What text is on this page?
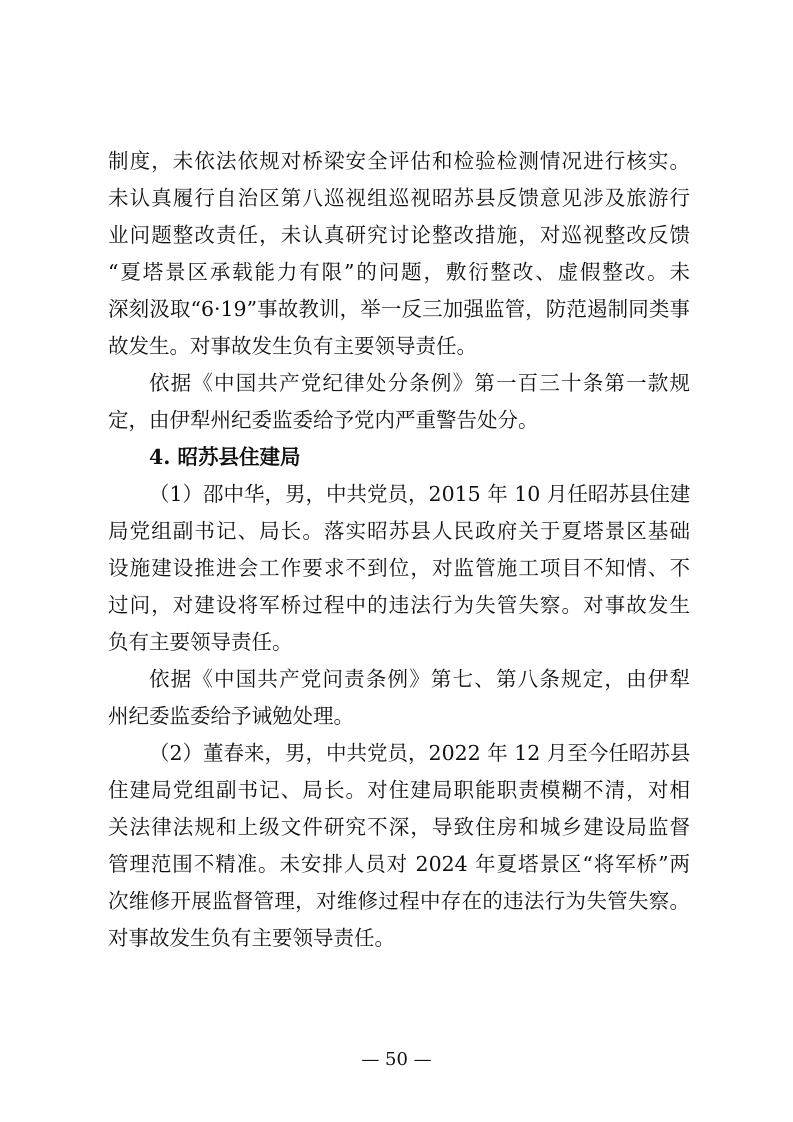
制度，未依法依规对桥梁安全评估和检验检测情况进行核实。
未认真履行自治区第八巡视组巡视昭苏县反馈意见涉及旅游行
业问题整改责任，未认真研究讨论整改措施，对巡视整改反馈
“夏塔景区承载能力有限”的问题，敷衍整改、虚假整改。未
深刻汲取“6·19”事故教训，举一反三加强监管，防范遏制同类事
故发生。对事故发生负有主要领导责任。
依据《中国共产党纪律处分条例》第一百三十条第一款规
定，由伊犁州纪委监委给予党内严重警告处分。
4. 昭苏县住建局
（1）邵中华，男，中共党员，2015 年 10 月任昭苏县住建
局党组副书记、局长。落实昭苏县人民政府关于夏塔景区基础
设施建设推进会工作要求不到位，对监管施工项目不知情、不
过问，对建设将军桥过程中的违法行为失管失察。对事故发生
负有主要领导责任。
依据《中国共产党问责条例》第七、第八条规定，由伊犁
州纪委监委给予诫勉处理。
（2）董春来，男，中共党员，2022 年 12 月至今任昭苏县
住建局党组副书记、局长。对住建局职能职责模糊不清，对相
关法律法规和上级文件研究不深，导致住房和城乡建设局监督
管理范围不精准。未安排人员对 2024 年夏塔景区“将军桥”两
次维修开展监督管理，对维修过程中存在的违法行为失管失察。
对事故发生负有主要领导责任。
— 50 —
